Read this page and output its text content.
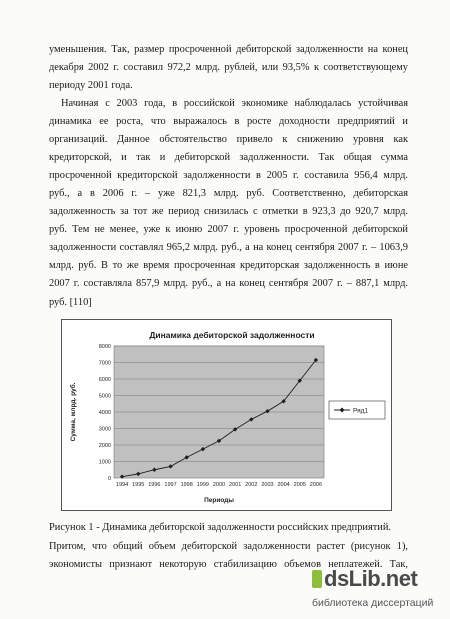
уменьшения. Так, размер просроченной дебиторской задолженности на конец
декабря 2002 г. составил 972,2 млрд. рублей, или 93,5% к соответствующему
периоду 2001 года.
Начиная с 2003 года, в российской экономике наблюдалась устойчивая
динамика ее роста, что выражалось в росте доходности предприятий и
организаций. Данное обстоятельство привело к снижению уровня как
кредиторской, и так и дебиторской задолженности. Так общая сумма
просроченной кредиторской задолженности в 2005 г. составила 956,4 млрд.
руб., а в 2006 г. – уже 821,3 млрд. руб. Соответственно, дебиторская
задолженность за тот же период снизилась с отметки в 923,3 до 920,7 млрд.
руб. Тем не менее, уже к июню 2007 г. уровень просроченной дебиторской
задолженности составлял 965,2 млрд. руб., а на конец сентября 2007 г. – 1063,9
млрд. руб. В то же время просроченная кредиторская задолженность в июне
2007 г. составляла 857,9 млрд. руб., а на конец сентября 2007 г. – 887,1 млрд.
руб. [110]
Динамика дебиторской задолженности
0
1000
2000
3000
4000
5000
6000
7000
8000
1994 1995 1996 1997 1998 1999 2000 2001 2002 2003 2004 2005 2006
Сумма, млрд. руб.
Периоды
Ряд1
Рисунок 1 - Динамика дебиторской задолженности российских предприятий.
Притом, что общий объем дебиторской задолженности растет (рисунок 1),
экономисты признают некоторую стабилизацию объемов неплатежей. Так,
dsLib.net
библиотека диссертаций
